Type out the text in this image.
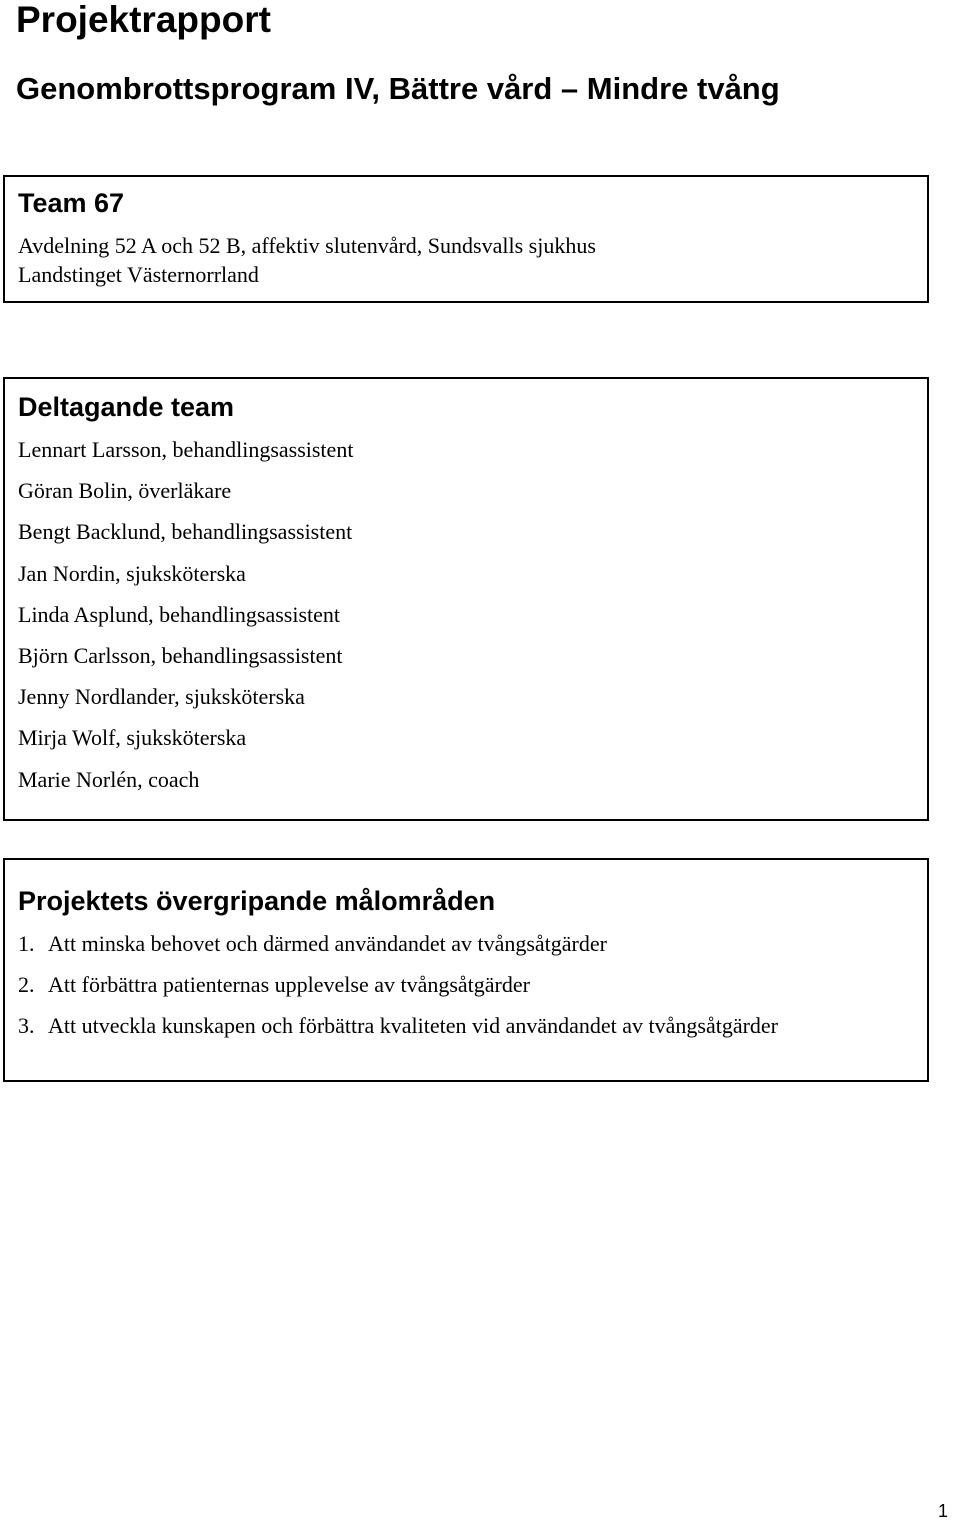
Projektrapport
Genombrottsprogram IV, Bättre vård – Mindre tvång
Team 67
Avdelning 52 A och 52 B, affektiv slutenvård, Sundsvalls sjukhus
Landstinget Västernorrland
Deltagande team
Lennart Larsson, behandlingsassistent
Göran Bolin, överläkare
Bengt Backlund, behandlingsassistent
Jan Nordin, sjuksköterska
Linda Asplund, behandlingsassistent
Björn Carlsson, behandlingsassistent
Jenny Nordlander, sjuksköterska
Mirja Wolf, sjuksköterska
Marie Norlén, coach
Projektets övergripande målområden
1. Att minska behovet och därmed användandet av tvångsåtgärder
2. Att förbättra patienternas upplevelse av tvångsåtgärder
3. Att utveckla kunskapen och förbättra kvaliteten vid användandet av tvångsåtgärder
1
